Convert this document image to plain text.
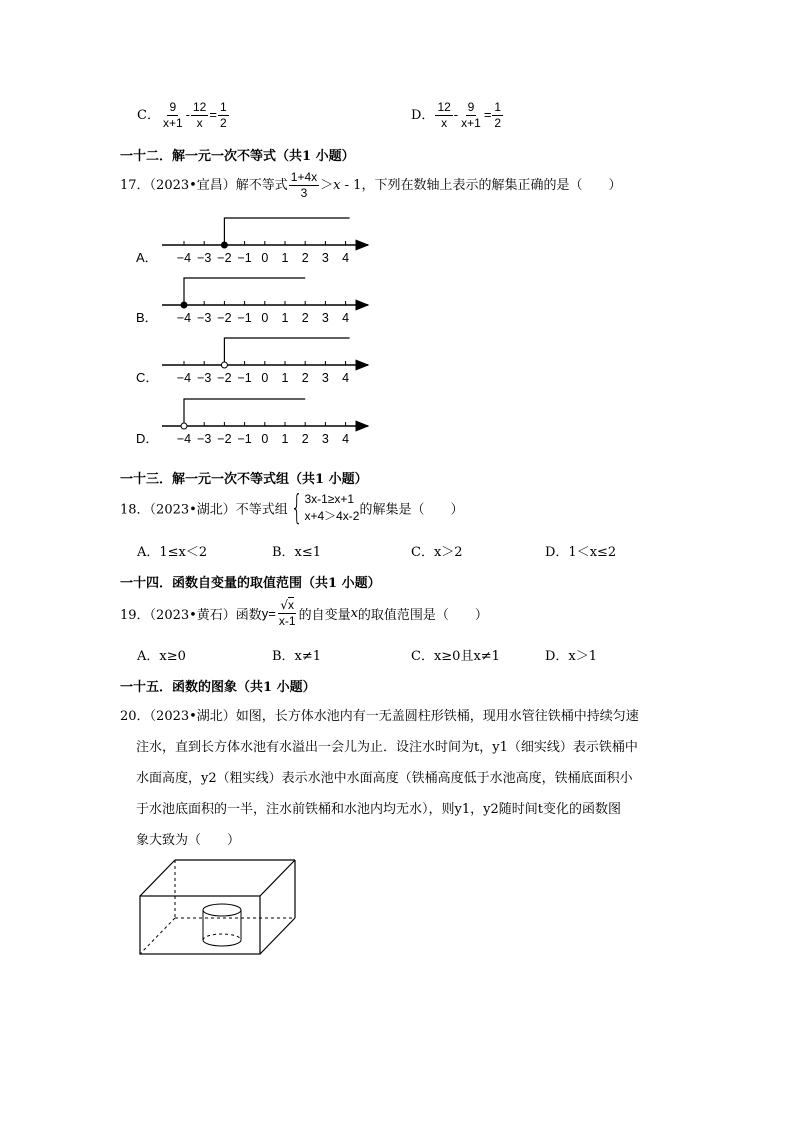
C． $\frac{9}{x+1} - \frac{12}{x} = \frac{1}{2}$	D． $\frac{12}{x} - \frac{9}{x+1} = \frac{1}{2}$
一十二．解一元一次不等式（共1 小题）
17．（2023•宜昌）解不等式 $\frac{1+4x}{3} >x - 1$，下列在数轴上表示的解集正确的是（　　）
−4 −3 −2 −1 0 1 2 3 4
A．
−4 −3 −2 −1 0 1 2 3 4
B．
−4 −3 −2 −1 0 1 2 3 4
C．
−4 −3 −2 −1 0 1 2 3 4
D．
一十三．解一元一次不等式组（共1 小题）
18．（2023•湖北）不等式组 { 3x-1≥x+1
x+4＞4x-2 的解集是（　　）
A．1≤x＜2	B．x≤1	C．x＞2	D．1＜x≤2
一十四．函数自变量的取值范围（共1 小题）
19．（2023•黄石）函数$y= \frac{√x}{x-1}$ 的自变量x的取值范围是（　　）
A．x≥0	B．x≠1	C．x≥0且x≠1	D．x＞1
一十五．函数的图象（共1 小题）
20．（2023•湖北）如图，长方体水池内有一无盖圆柱形铁桶，现用水管往铁桶中持续匀速
注水，直到长方体水池有水溢出一会儿为止．设注水时间为t，y1（细实线）表示铁桶中
水面高度，y2（粗实线）表示水池中水面高度（铁桶高度低于水池高度，铁桶底面积小
于水池底面积的一半，注水前铁桶和水池内均无水），则y1，y2随时间t变化的函数图
象大致为（　　）
